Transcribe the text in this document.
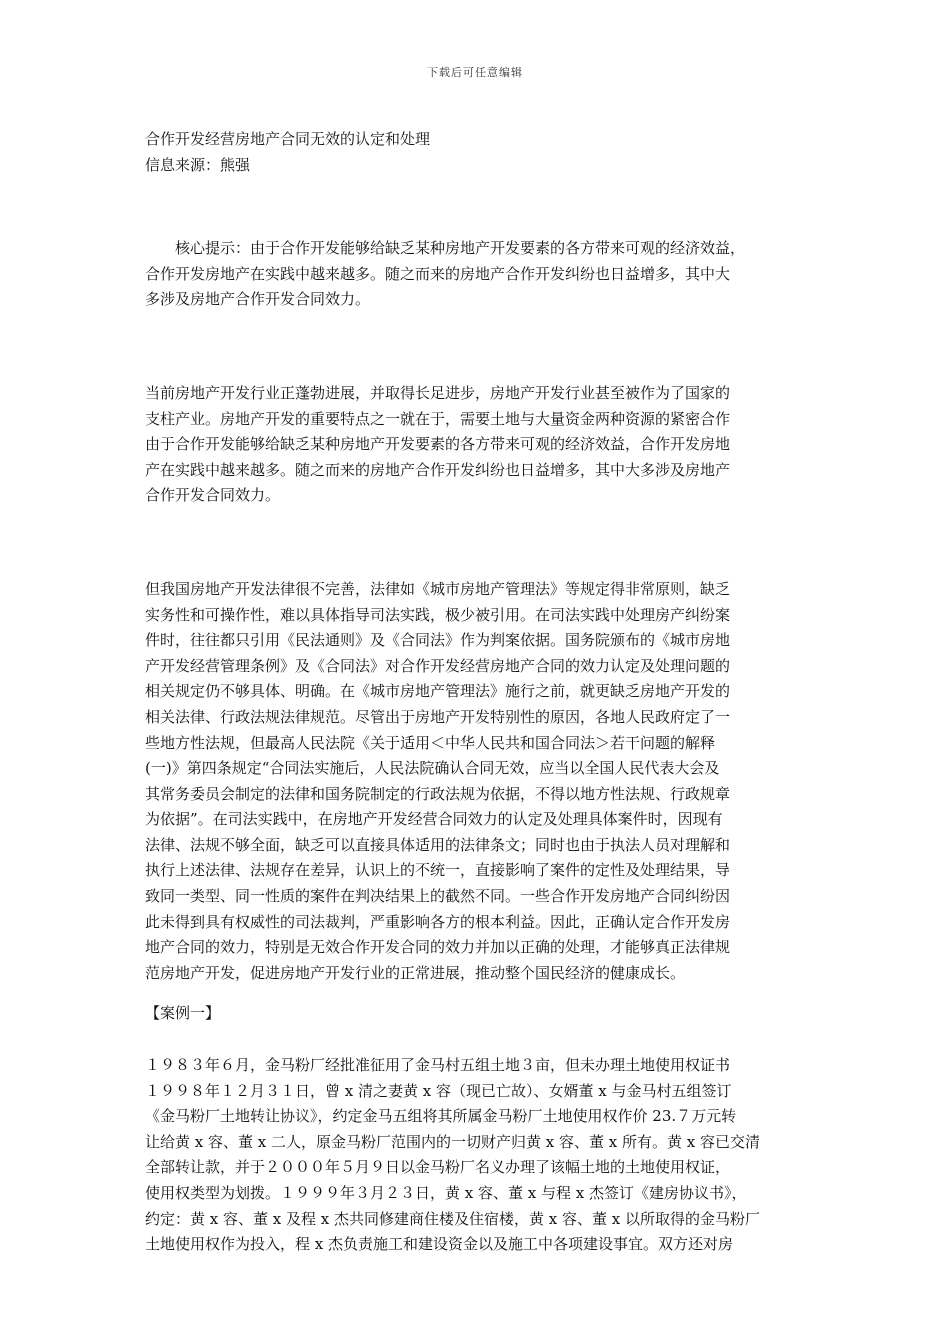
下载后可任意编辑

合作开发经营房地产合同无效的认定和处理

信息来源：熊强

核心提示：由于合作开发能够给缺乏某种房地产开发要素的各方带来可观的经济效益，

合作开发房地产在实践中越来越多。随之而来的房地产合作开发纠纷也日益增多，其中大

多涉及房地产合作开发合同效力。

当前房地产开发行业正蓬勃进展，并取得长足进步，房地产开发行业甚至被作为了国家的

支柱产业。房地产开发的重要特点之一就在于，需要土地与大量资金两种资源的紧密合作

由于合作开发能够给缺乏某种房地产开发要素的各方带来可观的经济效益，合作开发房地

产在实践中越来越多。随之而来的房地产合作开发纠纷也日益增多，其中大多涉及房地产

合作开发合同效力。

但我国房地产开发法律很不完善，法律如《城市房地产管理法》等规定得非常原则，缺乏

实务性和可操作性，难以具体指导司法实践，极少被引用。在司法实践中处理房产纠纷案

件时，往往都只引用《民法通则》及《合同法》作为判案依据。国务院颁布的《城市房地

产开发经营管理条例》及《合同法》对合作开发经营房地产合同的效力认定及处理问题的

相关规定仍不够具体、明确。在《城市房地产管理法》施行之前，就更缺乏房地产开发的

相关法律、行政法规法律规范。尽管出于房地产开发特别性的原因，各地人民政府定了一

些地方性法规，但最高人民法院《关于适用＜中华人民共和国合同法＞若干问题的解释

(一)》第四条规定“合同法实施后，人民法院确认合同无效，应当以全国人民代表大会及

其常务委员会制定的法律和国务院制定的行政法规为依据，不得以地方性法规、行政规章

为依据”。在司法实践中，在房地产开发经营合同效力的认定及处理具体案件时，因现有

法律、法规不够全面，缺乏可以直接具体适用的法律条文；同时也由于执法人员对理解和

执行上述法律、法规存在差异，认识上的不统一，直接影响了案件的定性及处理结果，导

致同一类型、同一性质的案件在判决结果上的截然不同。一些合作开发房地产合同纠纷因

此未得到具有权威性的司法裁判，严重影响各方的根本利益。因此，正确认定合作开发房

地产合同的效力，特别是无效合作开发合同的效力并加以正确的处理，才能够真正法律规

范房地产开发，促进房地产开发行业的正常进展，推动整个国民经济的健康成长。

【案例一】

１９８３年６月，金马粉厂经批准征用了金马村五组土地３亩，但未办理土地使用权证书

１９９８年１２月３１日，曾 x 清之妻黄 x 容（现已亡故）、女婿董 x 与金马村五组签订

《金马粉厂土地转让协议》，约定金马五组将其所属金马粉厂土地使用权作价 23.７万元转

让给黄 x 容、董 x 二人，原金马粉厂范围内的一切财产归黄 x 容、董 x 所有。黄 x 容已交清

全部转让款，并于２０００年５月９日以金马粉厂名义办理了该幅土地的土地使用权证，

使用权类型为划拨。１９９９年３月２３日，黄 x 容、董 x 与程 x 杰签订《建房协议书》，

约定：黄 x 容、董 x 及程 x 杰共同修建商住楼及住宿楼，黄 x 容、董 x 以所取得的金马粉厂

土地使用权作为投入，程 x 杰负责施工和建设资金以及施工中各项建设事宜。双方还对房
